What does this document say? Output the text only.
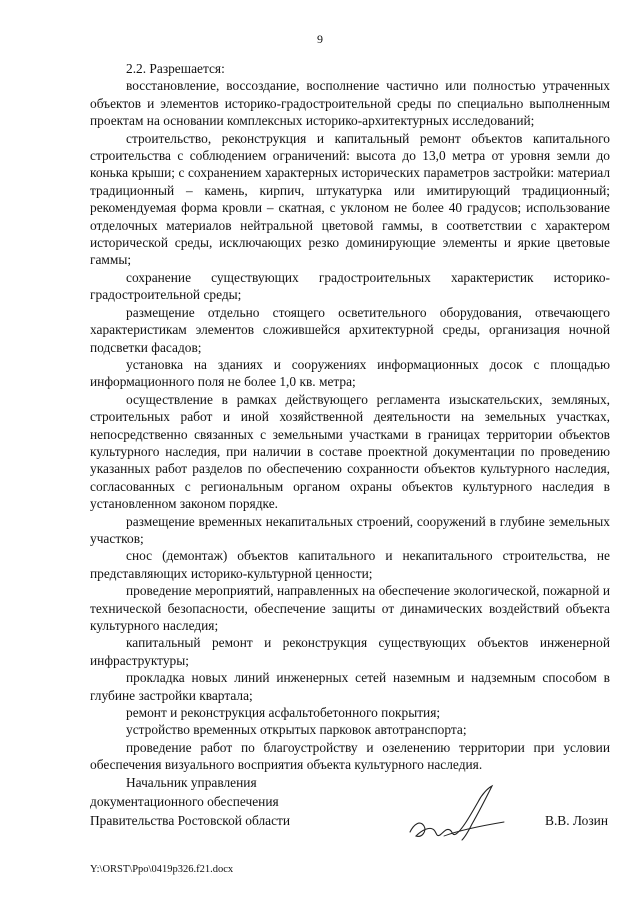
9

2.2. Разрешается:

восстановление, воссоздание, восполнение частично или полностью утраченных объектов и элементов историко-градостроительной среды по специально выполненным проектам на основании комплексных историко-архитектурных исследований;

строительство, реконструкция и капитальный ремонт объектов капитального строительства с соблюдением ограничений: высота до 13,0 метра от уровня земли до конька крыши; с сохранением характерных исторических параметров застройки: материал традиционный – камень, кирпич, штукатурка или имитирующий традиционный; рекомендуемая форма кровли – скатная, с уклоном не более 40 градусов; использование отделочных материалов нейтральной цветовой гаммы, в соответствии с характером исторической среды, исключающих резко доминирующие элементы и яркие цветовые гаммы;

сохранение существующих градостроительных характеристик историко-градостроительной среды;

размещение отдельно стоящего осветительного оборудования, отвечающего характеристикам элементов сложившейся архитектурной среды, организация ночной подсветки фасадов;

установка на зданиях и сооружениях информационных досок с площадью информационного поля не более 1,0 кв. метра;

осуществление в рамках действующего регламента изыскательских, земляных, строительных работ и иной хозяйственной деятельности на земельных участках, непосредственно связанных с земельными участками в границах территории объектов культурного наследия, при наличии в составе проектной документации по проведению указанных работ разделов по обеспечению сохранности объектов культурного наследия, согласованных с региональным органом охраны объектов культурного наследия в установленном законом порядке.

размещение временных некапитальных строений, сооружений в глубине земельных участков;

снос (демонтаж) объектов капитального и некапитального строительства, не представляющих историко-культурной ценности;

проведение мероприятий, направленных на обеспечение экологической, пожарной и технической безопасности, обеспечение защиты от динамических воздействий объекта культурного наследия;

капитальный ремонт и реконструкция существующих объектов инженерной инфраструктуры;

прокладка новых линий инженерных сетей наземным и надземным способом в глубине застройки квартала;

ремонт и реконструкция асфальтобетонного покрытия;

устройство временных открытых парковок автотранспорта;

проведение работ по благоустройству и озеленению территории при условии обеспечения визуального восприятия объекта культурного наследия.

Начальник управления
документационного обеспечения
Правительства Ростовской области	В.В. Лозин
Y:\ORST\Ppo\0419p326.f21.docx
